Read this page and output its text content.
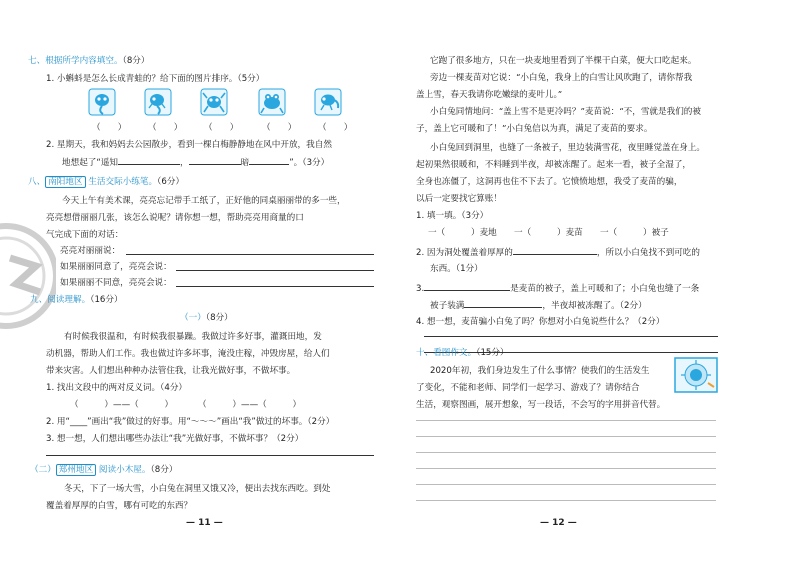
七、根据所学内容填空。（8分）
1. 小蝌蚪是怎么长成青蛙的？给下面的图片排序。（5分）
（　　）	（　　）	（　　）	（　　）	（　　）
2. 星期天，我和妈妈去公园散步，看到一棵白梅静静地在风中开放，我自然
地想起了“遥知	，	暗	”。（3分）
八、 南阳地区 生活交际小练笔。（6分）
今天上午有美术课，亮亮忘记带手工纸了，正好他的同桌丽丽带的多一些，
亮亮想借丽丽几张，该怎么说呢？请你想一想，帮助亮亮用商量的口
气完成下面的对话：
亮亮对丽丽说：
如果丽丽同意了，亮亮会说：
如果丽丽不同意，亮亮会说：
九、阅读理解。（16分）
（一）（8分）
有时候我很温和，有时候我很暴躁。我做过许多好事，灌溉田地，发
动机器，帮助人们工作。我也做过许多坏事，淹没庄稼，冲毁房屋，给人们
带来灾害。人们想出种种办法管住我，让我光做好事，不做坏事。
1. 找出文段中的两对反义词。（4分）
（　　　）——（　　　）	（　　　）——（　　　）
2. 用“____”画出“我”做过的好事。用“～～～”画出“我”做过的坏事。（2分）
3. 想一想，人们想出哪些办法让“我”光做好事，不做坏事？（2分）
（二） 郑州地区 阅读小木屋。（8分）
冬天，下了一场大雪，小白兔在洞里又饿又冷，便出去找东西吃。到处
覆盖着厚厚的白雪，哪有可吃的东西？
— 11 —
它跑了很多地方，只在一块麦地里看到了半棵干白菜，便大口吃起来。
旁边一棵麦苗对它说：“小白兔，我身上的白雪让风吹跑了，请你帮我
盖上雪，春天我请你吃嫩绿的麦叶儿。”
小白兔同情地问：“盖上雪不是更冷吗？”麦苗说：“不，雪就是我们的被
子，盖上它可暖和了！”小白兔信以为真，满足了麦苗的要求。
小白兔回到洞里，也缝了一条被子，里边装满雪花，夜里睡觉盖在身上。
起初果然很暖和，不料睡到半夜，却被冻醒了。起来一看，被子全湿了，
全身也冻僵了，这洞再也住不下去了。它愤愤地想，我受了麦苗的骗，
以后一定要找它算账！
1. 填一填。（3分）
一（　　　）麦地 一（　　　）麦苗 一（　　　）被子
2. 因为洞处覆盖着厚厚的	，所以小白兔找不到可吃的
东西。（1分）
3.	是麦苗的被子，盖上可暖和了；小白兔也缝了一条
被子装满	，半夜却被冻醒了。（2分）
4. 想一想，麦苗骗小白兔了吗？你想对小白兔说些什么？（2分）
十、看图作文。（15分）
2020年初，我们身边发生了什么事情？使我们的生活发生
了变化，不能和老师、同学们一起学习、游戏了？请你结合
生活，观察图画，展开想象，写一段话，不会写的字用拼音代替。
— 12 —
